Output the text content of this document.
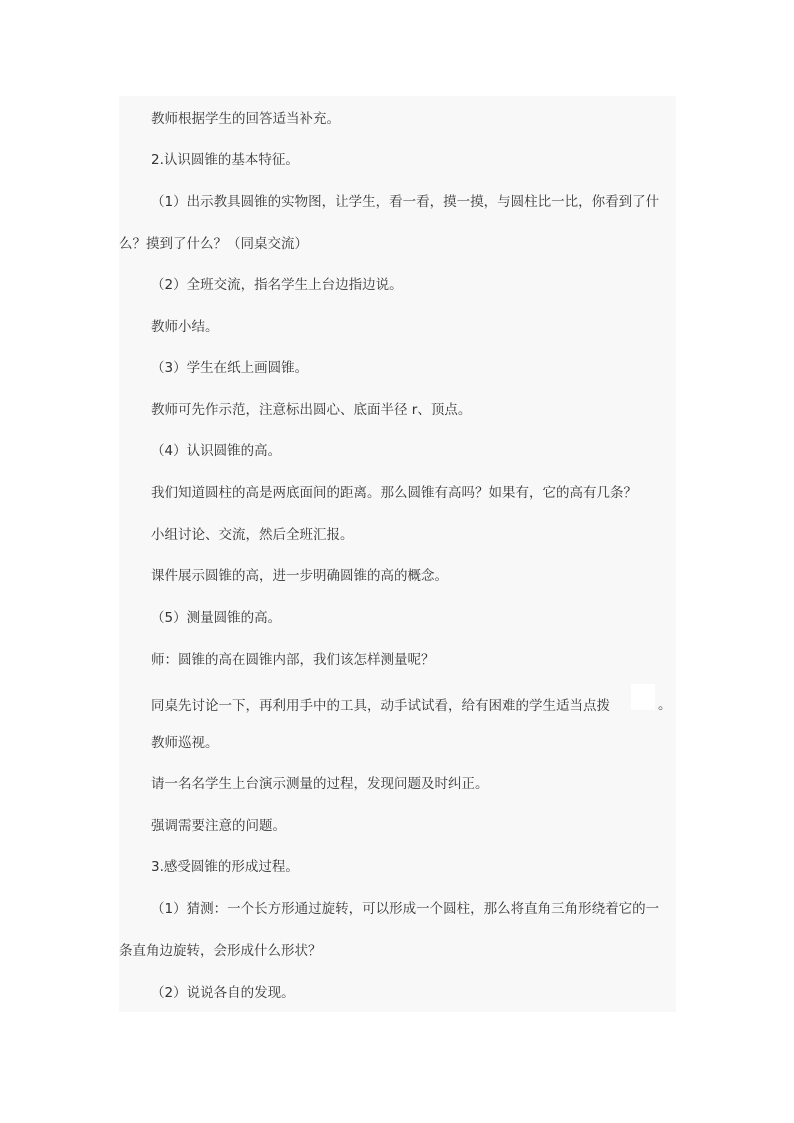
教师根据学生的回答适当补充。
2.认识圆锥的基本特征。
（1）出示教具圆锥的实物图，让学生，看一看，摸一摸，与圆柱比一比，你看到了什
么？摸到了什么？（同桌交流）
（2）全班交流，指名学生上台边指边说。
教师小结。
（3）学生在纸上画圆锥。
教师可先作示范，注意标出圆心、底面半径 r、顶点。
（4）认识圆锥的高。
我们知道圆柱的高是两底面间的距离。那么圆锥有高吗？如果有，它的高有几条？
小组讨论、交流，然后全班汇报。
课件展示圆锥的高，进一步明确圆锥的高的概念。
（5）测量圆锥的高。
师：圆锥的高在圆锥内部，我们该怎样测量呢？
同桌先讨论一下，再利用手中的工具，动手试试看，给有困难的学生适当点拨	。
教师巡视。
请一名名学生上台演示测量的过程，发现问题及时纠正。
强调需要注意的问题。
3.感受圆锥的形成过程。
（1）猜测：一个长方形通过旋转，可以形成一个圆柱，那么将直角三角形绕着它的一
条直角边旋转，会形成什么形状？
（2）说说各自的发现。
